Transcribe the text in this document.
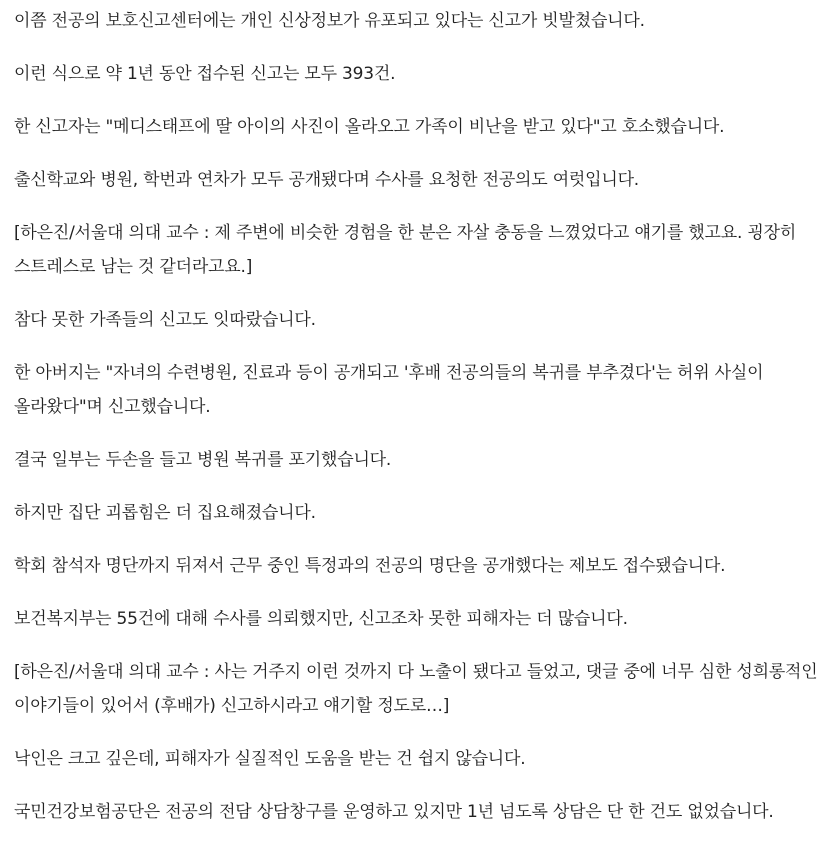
이쯤 전공의 보호신고센터에는 개인 신상정보가 유포되고 있다는 신고가 빗발쳤습니다.

이런 식으로 약 1년 동안 접수된 신고는 모두 393건.

한 신고자는 "메디스태프에 딸 아이의 사진이 올라오고 가족이 비난을 받고 있다"고 호소했습니다.

출신학교와 병원, 학번과 연차가 모두 공개됐다며 수사를 요청한 전공의도 여럿입니다.

[하은진/서울대 의대 교수 : 제 주변에 비슷한 경험을 한 분은 자살 충동을 느꼈었다고 얘기를 했고요. 굉장히 스트레스로 남는 것 같더라고요.]

참다 못한 가족들의 신고도 잇따랐습니다.

한 아버지는 "자녀의 수련병원, 진료과 등이 공개되고 '후배 전공의들의 복귀를 부추겼다'는 허위 사실이 올라왔다"며 신고했습니다.

결국 일부는 두손을 들고 병원 복귀를 포기했습니다.

하지만 집단 괴롭힘은 더 집요해졌습니다.

학회 참석자 명단까지 뒤져서 근무 중인 특정과의 전공의 명단을 공개했다는 제보도 접수됐습니다.

보건복지부는 55건에 대해 수사를 의뢰했지만, 신고조차 못한 피해자는 더 많습니다.

[하은진/서울대 의대 교수 : 사는 거주지 이런 것까지 다 노출이 됐다고 들었고, 댓글 중에 너무 심한 성희롱적인 이야기들이 있어서 (후배가) 신고하시라고 얘기할 정도로…]

낙인은 크고 깊은데, 피해자가 실질적인 도움을 받는 건 쉽지 않습니다.

국민건강보험공단은 전공의 전담 상담창구를 운영하고 있지만 1년 넘도록 상담은 단 한 건도 없었습니다.
